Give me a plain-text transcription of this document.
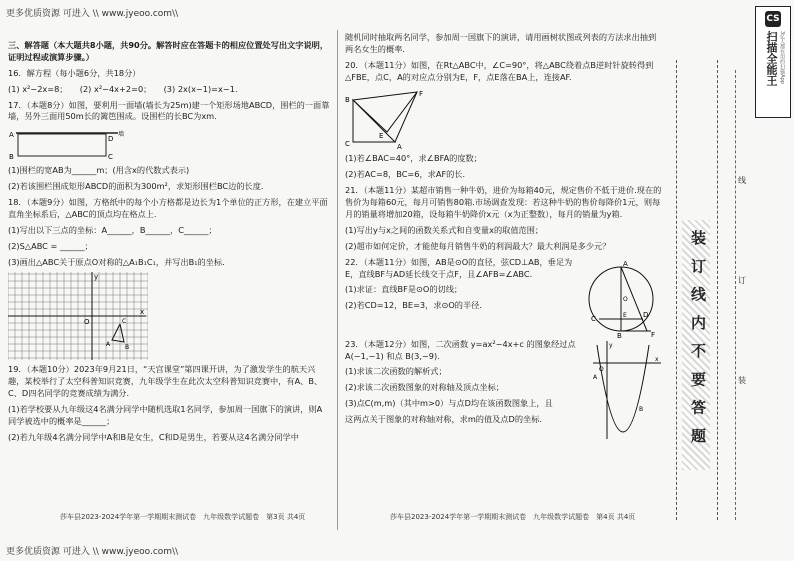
更多优质资源 可进入 \\ www.jyeoo.com\\

三、解答题（本大题共8小题，共90分。解答时应在答题卡的相应位置处写出文字说明，证明过程或演算步骤。）

16．解方程（每小题6分，共18分）

(1) x²−2x=8；　　(2) x²−4x+2=0；　　(3) 2x(x−1)=x−1.

17．（本题8分）如图，要利用一面墙(墙长为25m)建一个矩形场地ABCD，围栏的一面靠墙，另外三面用50m长的篱笆围成。设围栏的长BC为xm.

A
B	C
D
墙

(1)围栏的宽AB为______m；(用含x的代数式表示)

(2)若该围栏围成矩形ABCD的面积为300m²，求矩形围栏BC边的长度.

18．（本题9分）如图，方格纸中的每个小方格都是边长为1个单位的正方形，在建立平面直角坐标系后，△ABC的顶点均在格点上.

(1)写出以下三点的坐标：A______，B______，C______；

(2)S△ABC = ______；

(3)画出△ABC关于原点O对称的△A₁B₁C₁，并写出B₁的坐标.

O
x
y
A B
C

19．（本题10分）2023年9月21日，“天宫课堂”第四课开讲，为了激发学生的航天兴趣，某校举行了太空科普知识竞赛，九年级学生在此次太空科普知识竞赛中，有A、B、C、D四名同学的竞赛成绩为满分.

(1)若学校要从九年级这4名满分同学中随机选取1名同学，参加周一国旗下的演讲，则A同学被选中的概率是______；

(2)若九年级4名满分同学中A和B是女生，C和D是男生，若要从这4名满分同学中

随机同时抽取两名同学，参加周一国旗下的演讲，请用画树状图或列表的方法求出抽到两名女生的概率.

20．（本题11分）如图，在Rt△ABC中，∠C=90°，将△ABC绕着点B逆时针旋转得到△FBE，点C，A的对应点分别为E，F，点E落在BA上，连接AF.

B
C	A
E
F

(1)若∠BAC=40°，求∠BFA的度数；

(2)若AC=8，BC=6，求AF的长.

21．（本题11分）某超市销售一种牛奶，进价为每箱40元，规定售价不低于进价.现在的售价为每箱60元，每月可销售80箱.市场调查发现：若这种牛奶的售价每降价1元，则每月的销量将增加20箱，设每箱牛奶降价x元（x为正整数），每月的销量为y箱.

(1)写出y与x之间的函数关系式和自变量x的取值范围；

(2)超市如何定价，才能使每月销售牛奶的利润最大？最大利润是多少元？

22．（本题11分）如图，AB是⊙O的直径，弦CD⊥AB，垂足为E，直线BF与AD延长线交于点F，且∠AFB=∠ABC.

(1)求证：直线BF是⊙O的切线；

(2)若CD=12，BE=3，求⊙O的半径.

A
B
C	D
E
F
O

23．（本题12分）如图，二次函数 y=ax²−4x+c 的图象经过点 A(−1,−1) 和点 B(3,−9).

(1)求该二次函数的解析式；

(2)求该二次函数图象的对称轴及顶点坐标；

(3)点C(m,m)（其中m>0）与点D均在该函数图象上，且

这两点关于图象的对称轴对称，求m的值及点D的坐标.

O
x
y
A
B
莎车县2023-2024学年第一学期期末测试卷　九年级数学试题卷　第3页 共4页	莎车县2023-2024学年第一学期期末测试卷　九年级数学试题卷　第4页 共4页
装 订 线 内 不 要 答 题
线
订
装
CS
扫描全能王 3亿人都在用的扫描App
更多优质资源 可进入 \\ www.jyeoo.com\\
